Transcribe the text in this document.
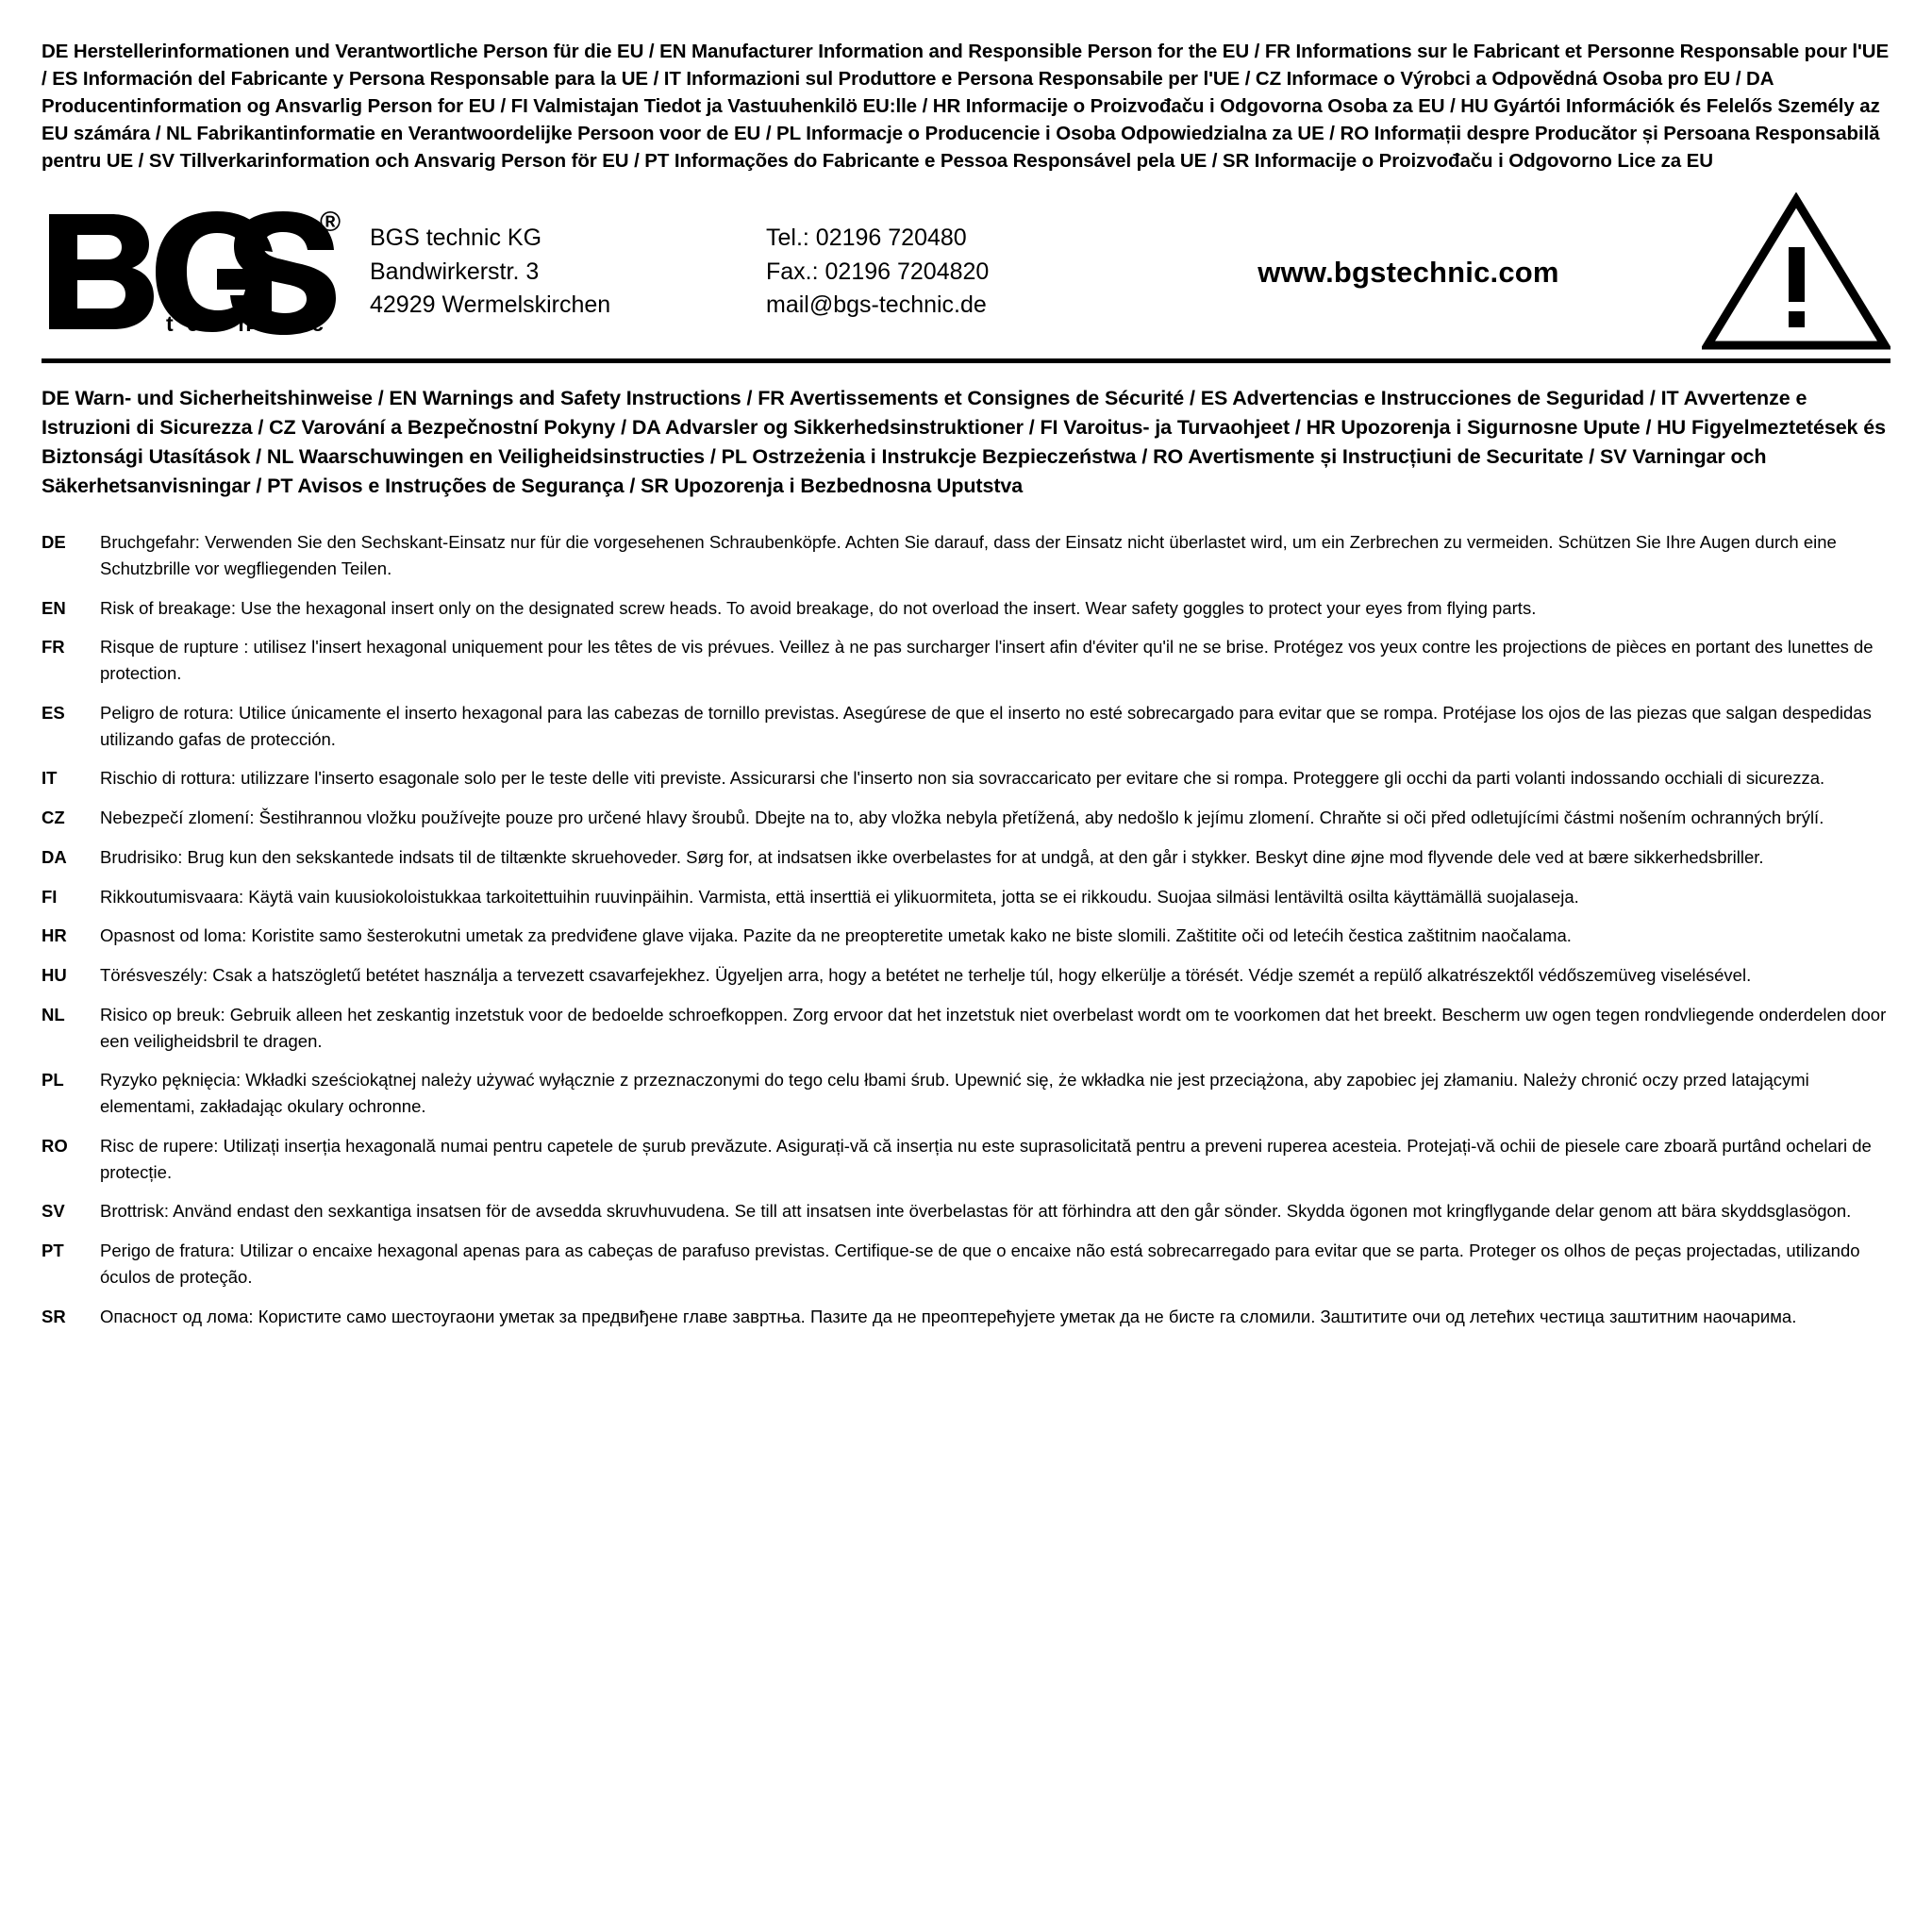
DE Herstellerinformationen und Verantwortliche Person für die EU / EN Manufacturer Information and Responsible Person for the EU / FR Informations sur le Fabricant et Personne Responsable pour l'UE / ES Información del Fabricante y Persona Responsable para la UE / IT Informazioni sul Produttore e Persona Responsabile per l'UE / CZ Informace o Výrobci a Odpovědná Osoba pro EU / DA Producentinformation og Ansvarlig Person for EU / FI Valmistajan Tiedot ja Vastuuhenkilö EU:lle / HR Informacije o Proizvođaču i Odgovorna Osoba za EU / HU Gyártói Információk és Felelős Személy az EU számára / NL Fabrikantinformatie en Verantwoordelijke Persoon voor de EU / PL Informacje o Producencie i Osoba Odpowiedzialna za UE / RO Informații despre Producător și Persoana Responsabilă pentru UE / SV Tillverkarinformation och Ansvarig Person för EU / PT Informações do Fabricante e Pessoa Responsável pela UE / SR Informacije o Proizvođaču i Odgovorno Lice za EU
®
t e c h n i c
BGS technic KG
Bandwirkerstr. 3
42929 Wermelskirchen
Tel.: 02196 720480
Fax.: 02196 7204820
mail@bgs-technic.de
www.bgstechnic.com
DE Warn- und Sicherheitshinweise / EN Warnings and Safety Instructions / FR Avertissements et Consignes de Sécurité / ES Advertencias e Instrucciones de Seguridad / IT Avvertenze e Istruzioni di Sicurezza / CZ Varování a Bezpečnostní Pokyny / DA Advarsler og Sikkerhedsinstruktioner / FI Varoitus- ja Turvaohjeet / HR Upozorenja i Sigurnosne Upute / HU Figyelmeztetések és Biztonsági Utasítások / NL Waarschuwingen en Veiligheidsinstructies / PL Ostrzeżenia i Instrukcje Bezpieczeństwa / RO Avertismente și Instrucțiuni de Securitate / SV Varningar och Säkerhetsanvisningar / PT Avisos e Instruções de Segurança / SR Upozorenja i Bezbednosna Uputstva
DE	Bruchgefahr: Verwenden Sie den Sechskant-Einsatz nur für die vorgesehenen Schraubenköpfe. Achten Sie darauf, dass der Einsatz nicht überlastet wird, um ein Zerbrechen zu vermeiden. Schützen Sie Ihre Augen durch eine Schutzbrille vor wegfliegenden Teilen.
EN	Risk of breakage: Use the hexagonal insert only on the designated screw heads. To avoid breakage, do not overload the insert. Wear safety goggles to protect your eyes from flying parts.
FR	Risque de rupture : utilisez l'insert hexagonal uniquement pour les têtes de vis prévues. Veillez à ne pas surcharger l'insert afin d'éviter qu'il ne se brise. Protégez vos yeux contre les projections de pièces en portant des lunettes de protection.
ES	Peligro de rotura: Utilice únicamente el inserto hexagonal para las cabezas de tornillo previstas. Asegúrese de que el inserto no esté sobrecargado para evitar que se rompa. Protéjase los ojos de las piezas que salgan despedidas utilizando gafas de protección.
IT	Rischio di rottura: utilizzare l'inserto esagonale solo per le teste delle viti previste. Assicurarsi che l'inserto non sia sovraccaricato per evitare che si rompa. Proteggere gli occhi da parti volanti indossando occhiali di sicurezza.
CZ	Nebezpečí zlomení: Šestihrannou vložku používejte pouze pro určené hlavy šroubů. Dbejte na to, aby vložka nebyla přetížená, aby nedošlo k jejímu zlomení. Chraňte si oči před odletujícími částmi nošením ochranných brýlí.
DA	Brudrisiko: Brug kun den sekskantede indsats til de tiltænkte skruehoveder. Sørg for, at indsatsen ikke overbelastes for at undgå, at den går i stykker. Beskyt dine øjne mod flyvende dele ved at bære sikkerhedsbriller.
FI	Rikkoutumisvaara: Käytä vain kuusiokoloistukkaa tarkoitettuihin ruuvinpäihin. Varmista, että inserttiä ei ylikuormiteta, jotta se ei rikkoudu. Suojaa silmäsi lentäviltä osilta käyttämällä suojalaseja.
HR	Opasnost od loma: Koristite samo šesterokutni umetak za predviđene glave vijaka. Pazite da ne preopteretite umetak kako ne biste slomili. Zaštitite oči od letećih čestica zaštitnim naočalama.
HU	Törésveszély: Csak a hatszögletű betétet használja a tervezett csavarfejekhez. Ügyeljen arra, hogy a betétet ne terhelje túl, hogy elkerülje a törését. Védje szemét a repülő alkatrészektől védőszemüveg viselésével.
NL	Risico op breuk: Gebruik alleen het zeskantig inzetstuk voor de bedoelde schroefkoppen. Zorg ervoor dat het inzetstuk niet overbelast wordt om te voorkomen dat het breekt. Bescherm uw ogen tegen rondvliegende onderdelen door een veiligheidsbril te dragen.
PL	Ryzyko pęknięcia: Wkładki sześciokątnej należy używać wyłącznie z przeznaczonymi do tego celu łbami śrub. Upewnić się, że wkładka nie jest przeciążona, aby zapobiec jej złamaniu. Należy chronić oczy przed latającymi elementami, zakładając okulary ochronne.
RO	Risc de rupere: Utilizați inserția hexagonală numai pentru capetele de șurub prevăzute. Asigurați-vă că inserția nu este suprasolicitată pentru a preveni ruperea acesteia. Protejați-vă ochii de piesele care zboară purtând ochelari de protecție.
SV	Brottrisk: Använd endast den sexkantiga insatsen för de avsedda skruvhuvudena. Se till att insatsen inte överbelastas för att förhindra att den går sönder. Skydda ögonen mot kringflygande delar genom att bära skyddsglasögon.
PT	Perigo de fratura: Utilizar o encaixe hexagonal apenas para as cabeças de parafuso previstas. Certifique-se de que o encaixe não está sobrecarregado para evitar que se parta. Proteger os olhos de peças projectadas, utilizando óculos de proteção.
SR	Опасност од лома: Користите само шестоугаони уметак за предвиђене главе завртња. Пазите да не преоптерећујете уметак да не бисте га сломили. Заштитите очи од летећих честица заштитним наочарима.
